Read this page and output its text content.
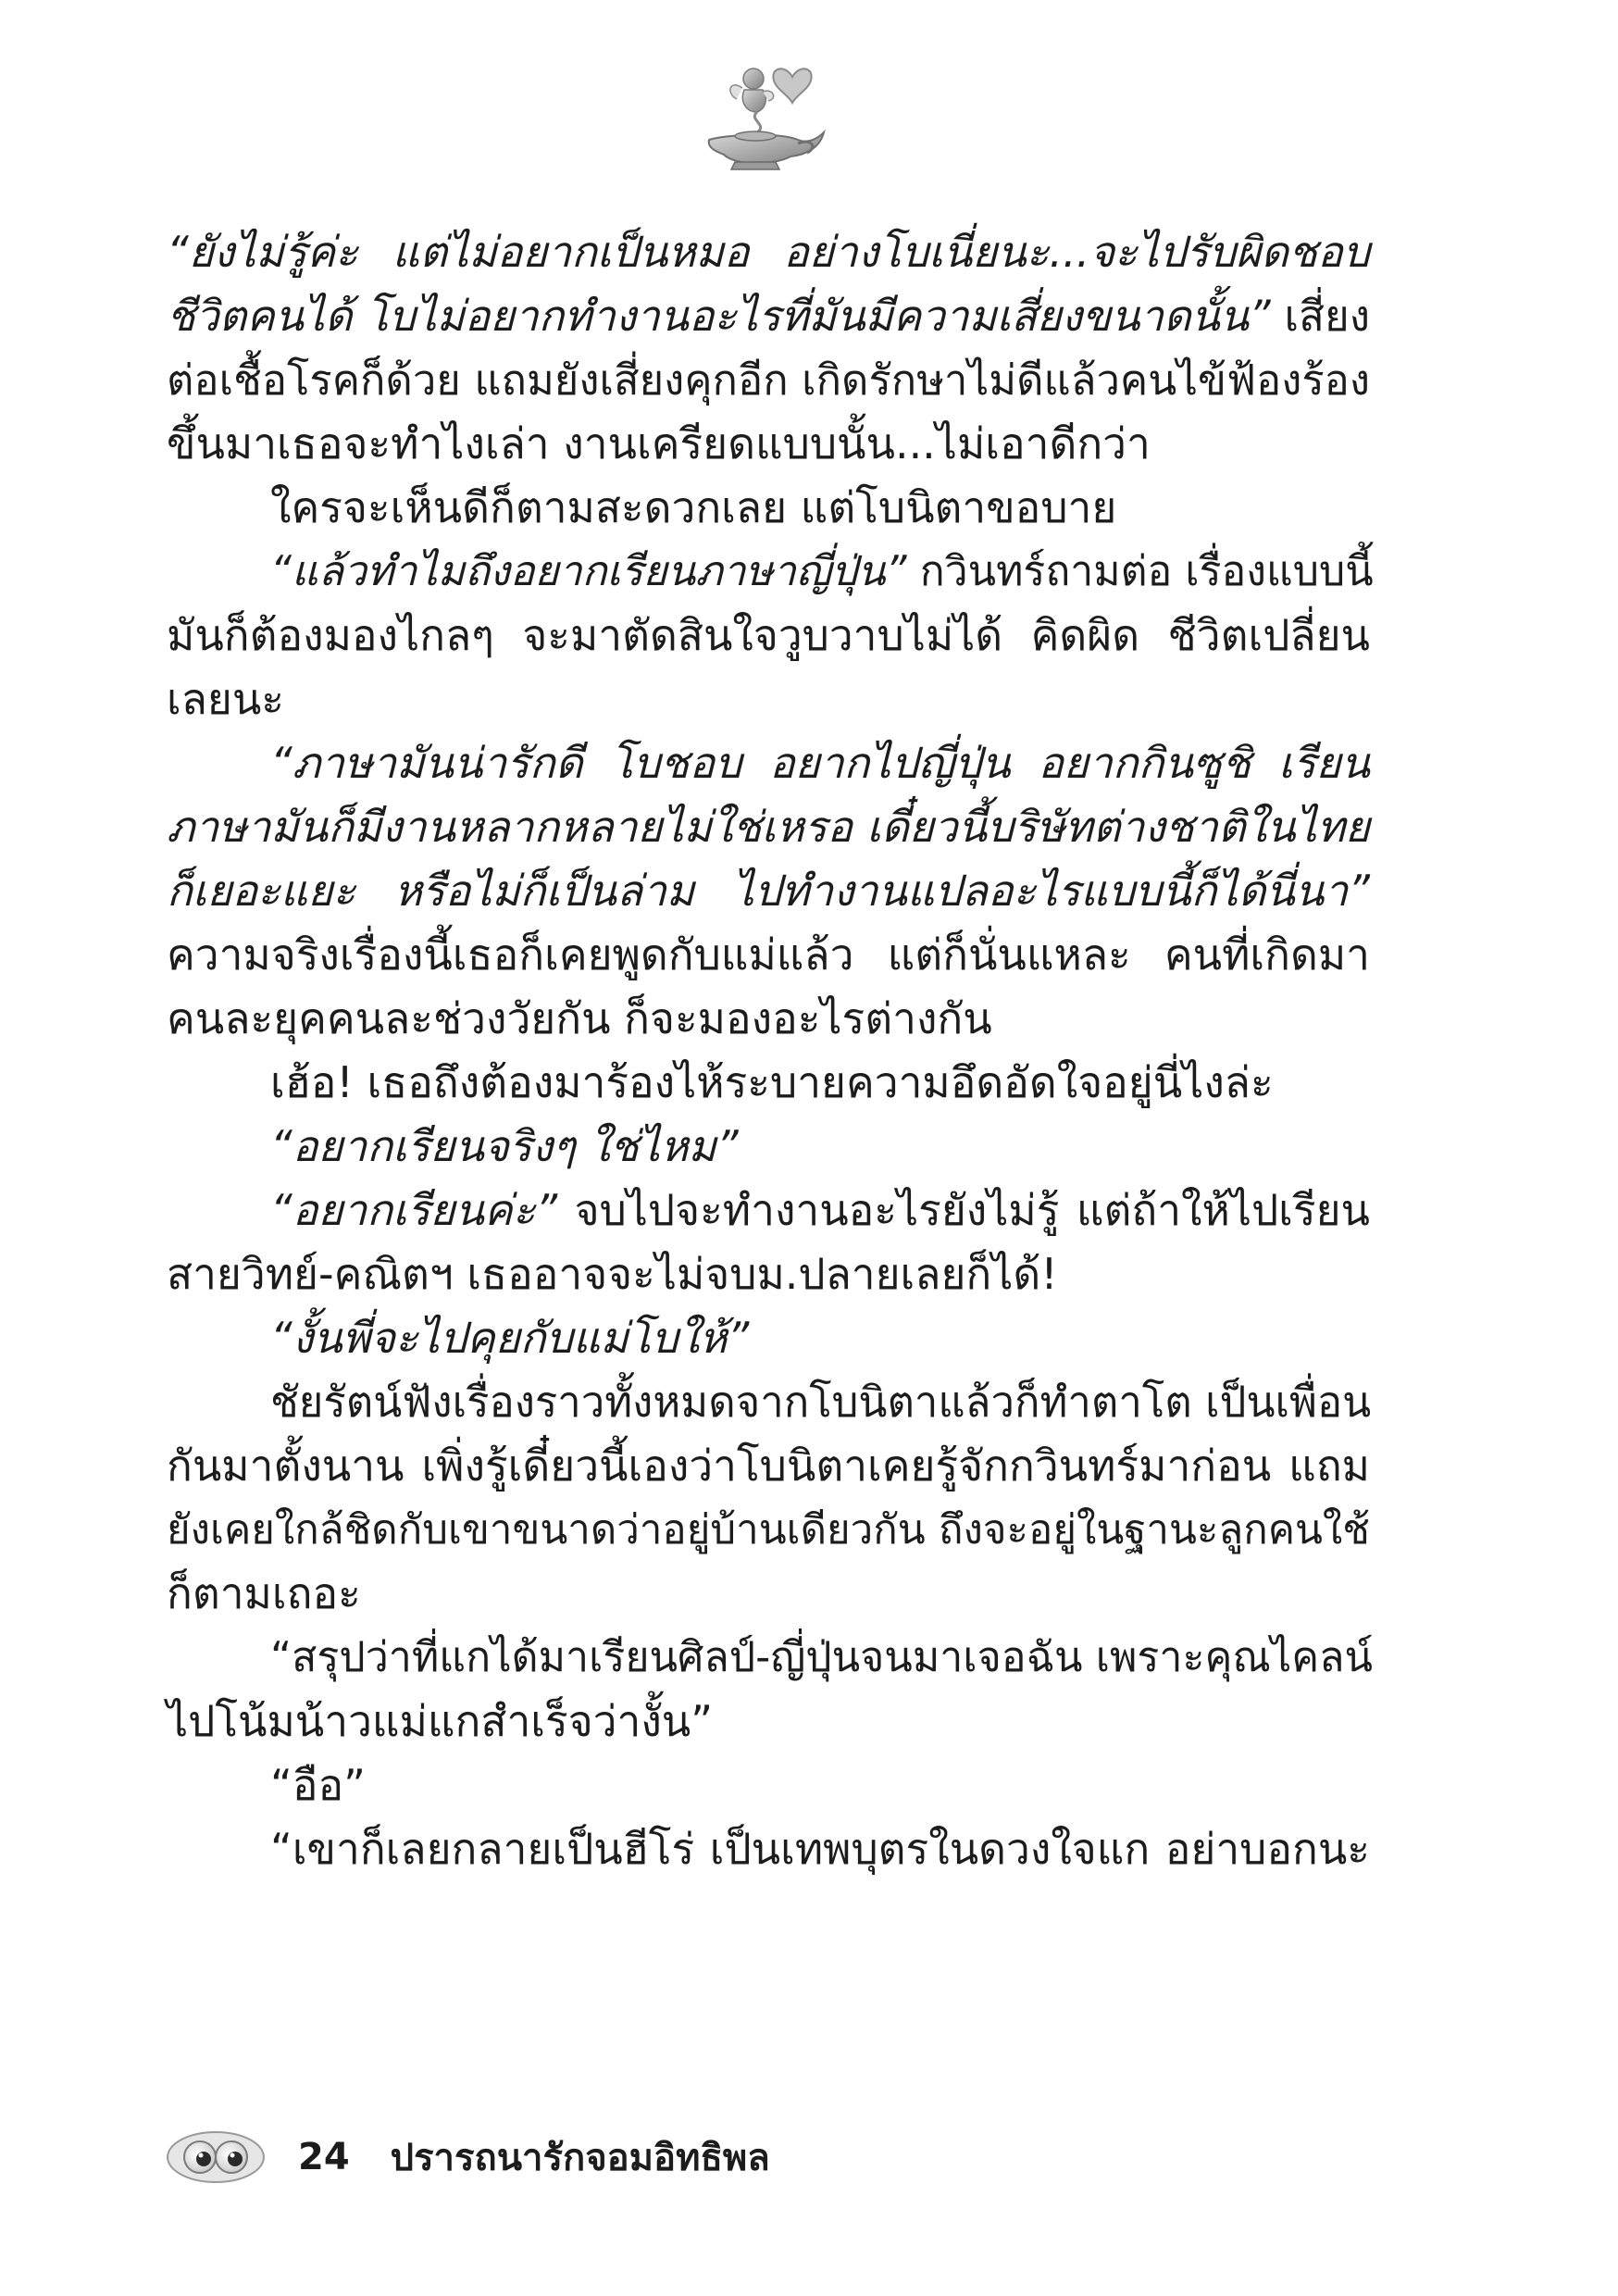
“ยังไม่รู้ค่ะ แต่ไม่อยากเป็นหมอ อย่างโบเนี่ยนะ...จะไปรับผิดชอบ
ชีวิตคนได้ โบไม่อยากทำงานอะไรที่มันมีความเสี่ยงขนาดนั้น” เสี่ยง
ต่อเชื้อโรคก็ด้วย แถมยังเสี่ยงคุกอีก เกิดรักษาไม่ดีแล้วคนไข้ฟ้องร้อง
ขึ้นมาเธอจะทำไงเล่า งานเครียดแบบนั้น...ไม่เอาดีกว่า
ใครจะเห็นดีก็ตามสะดวกเลย แต่โบนิตาขอบาย
“แล้วทำไมถึงอยากเรียนภาษาญี่ปุ่น” กวินทร์ถามต่อ เรื่องแบบนี้
มันก็ต้องมองไกลๆ จะมาตัดสินใจวูบวาบไม่ได้ คิดผิด ชีวิตเปลี่ยน
เลยนะ
“ภาษามันน่ารักดี โบชอบ อยากไปญี่ปุ่น อยากกินซูชิ เรียน
ภาษามันก็มีงานหลากหลายไม่ใช่เหรอ เดี๋ยวนี้บริษัทต่างชาติในไทย
ก็เยอะแยะ หรือไม่ก็เป็นล่าม ไปทำงานแปลอะไรแบบนี้ก็ได้นี่นา”
ความจริงเรื่องนี้เธอก็เคยพูดกับแม่แล้ว แต่ก็นั่นแหละ คนที่เกิดมา
คนละยุคคนละช่วงวัยกัน ก็จะมองอะไรต่างกัน
เฮ้อ! เธอถึงต้องมาร้องไห้ระบายความอึดอัดใจอยู่นี่ไงล่ะ
“อยากเรียนจริงๆ ใช่ไหม”
“อยากเรียนค่ะ” จบไปจะทำงานอะไรยังไม่รู้ แต่ถ้าให้ไปเรียน
สายวิทย์-คณิตฯ เธออาจจะไม่จบม.ปลายเลยก็ได้!
“งั้นพี่จะไปคุยกับแม่โบให้”
ชัยรัตน์ฟังเรื่องราวทั้งหมดจากโบนิตาแล้วก็ทำตาโต เป็นเพื่อน
กันมาตั้งนาน เพิ่งรู้เดี๋ยวนี้เองว่าโบนิตาเคยรู้จักกวินทร์มาก่อน แถม
ยังเคยใกล้ชิดกับเขาขนาดว่าอยู่บ้านเดียวกัน ถึงจะอยู่ในฐานะลูกคนใช้
ก็ตามเถอะ
“สรุปว่าที่แกได้มาเรียนศิลป์-ญี่ปุ่นจนมาเจอฉัน เพราะคุณไคลน์
ไปโน้มน้าวแม่แกสำเร็จว่างั้น”
“อือ”
“เขาก็เลยกลายเป็นฮีโร่ เป็นเทพบุตรในดวงใจแก อย่าบอกนะ
24 ปรารถนารักจอมอิทธิพล
